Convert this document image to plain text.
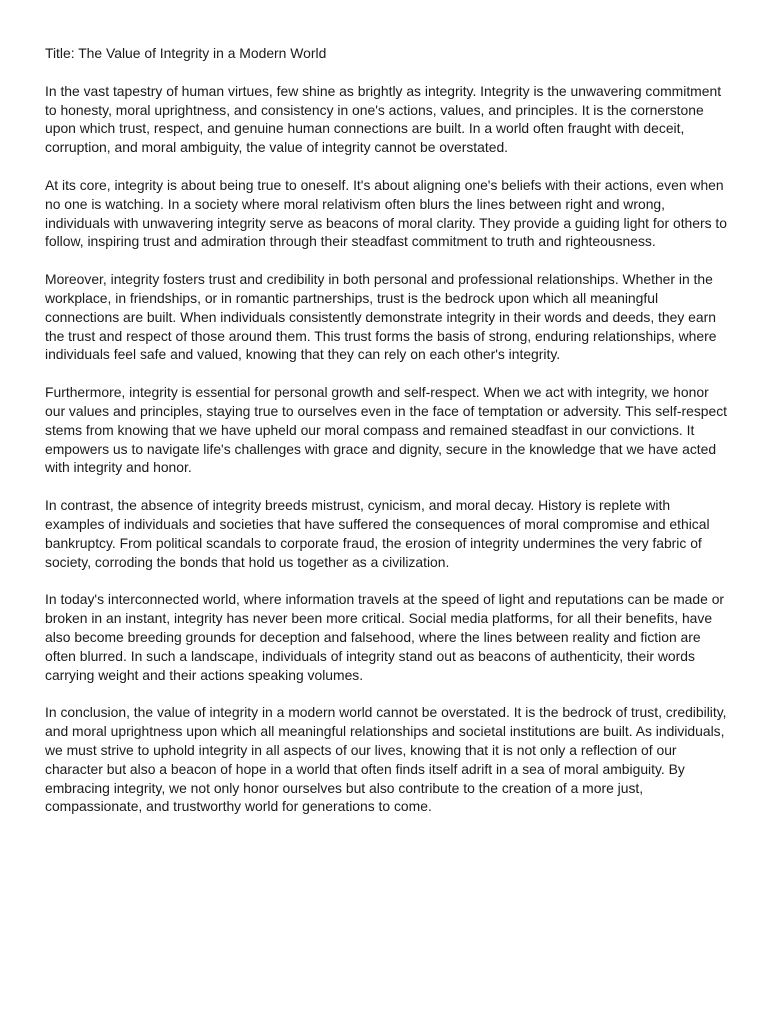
Title: The Value of Integrity in a Modern World

In the vast tapestry of human virtues, few shine as brightly as integrity. Integrity is the unwavering commitment to honesty, moral uprightness, and consistency in one's actions, values, and principles. It is the cornerstone upon which trust, respect, and genuine human connections are built. In a world often fraught with deceit, corruption, and moral ambiguity, the value of integrity cannot be overstated.

At its core, integrity is about being true to oneself. It's about aligning one's beliefs with their actions, even when no one is watching. In a society where moral relativism often blurs the lines between right and wrong, individuals with unwavering integrity serve as beacons of moral clarity. They provide a guiding light for others to follow, inspiring trust and admiration through their steadfast commitment to truth and righteousness.

Moreover, integrity fosters trust and credibility in both personal and professional relationships. Whether in the workplace, in friendships, or in romantic partnerships, trust is the bedrock upon which all meaningful connections are built. When individuals consistently demonstrate integrity in their words and deeds, they earn the trust and respect of those around them. This trust forms the basis of strong, enduring relationships, where individuals feel safe and valued, knowing that they can rely on each other's integrity.

Furthermore, integrity is essential for personal growth and self-respect. When we act with integrity, we honor our values and principles, staying true to ourselves even in the face of temptation or adversity. This self-respect stems from knowing that we have upheld our moral compass and remained steadfast in our convictions. It empowers us to navigate life's challenges with grace and dignity, secure in the knowledge that we have acted with integrity and honor.

In contrast, the absence of integrity breeds mistrust, cynicism, and moral decay. History is replete with examples of individuals and societies that have suffered the consequences of moral compromise and ethical bankruptcy. From political scandals to corporate fraud, the erosion of integrity undermines the very fabric of society, corroding the bonds that hold us together as a civilization.

In today's interconnected world, where information travels at the speed of light and reputations can be made or broken in an instant, integrity has never been more critical. Social media platforms, for all their benefits, have also become breeding grounds for deception and falsehood, where the lines between reality and fiction are often blurred. In such a landscape, individuals of integrity stand out as beacons of authenticity, their words carrying weight and their actions speaking volumes.

In conclusion, the value of integrity in a modern world cannot be overstated. It is the bedrock of trust, credibility, and moral uprightness upon which all meaningful relationships and societal institutions are built. As individuals, we must strive to uphold integrity in all aspects of our lives, knowing that it is not only a reflection of our character but also a beacon of hope in a world that often finds itself adrift in a sea of moral ambiguity. By embracing integrity, we not only honor ourselves but also contribute to the creation of a more just, compassionate, and trustworthy world for generations to come.
